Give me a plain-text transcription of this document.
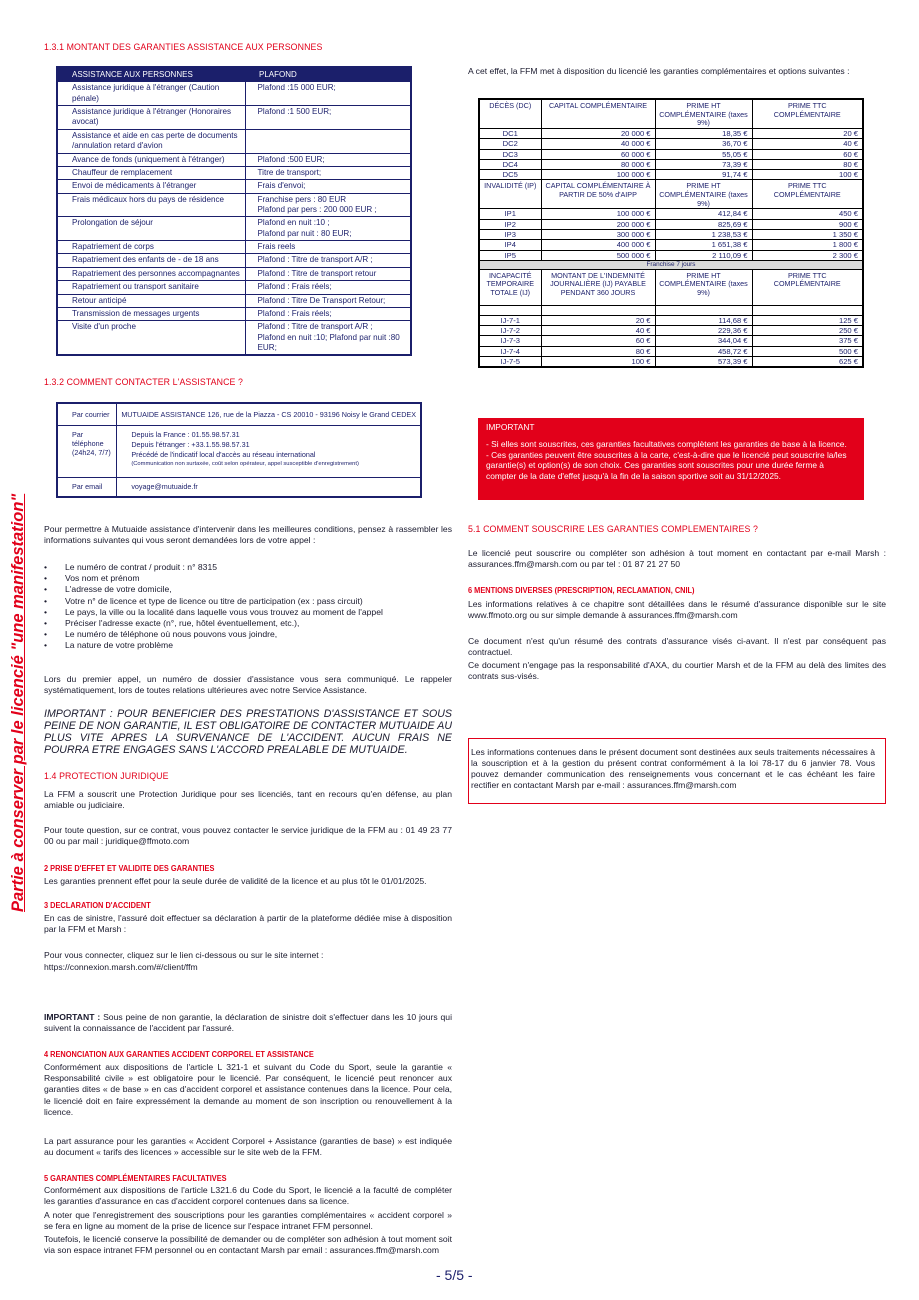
Partie à conserver par le licencié "une manifestation"
1.3.1 MONTANT DES GARANTIES ASSISTANCE AUX PERSONNES
ASSISTANCE AUX PERSONNES	PLAFOND
Assistance juridique à l'étranger (Caution pénale)	Plafond :15 000 EUR;
Assistance juridique à l'étranger (Honoraires avocat)	Plafond :1 500 EUR;
Assistance et aide en cas perte de documents /annulation retard d'avion	
Avance de fonds (uniquement à l'étranger)	Plafond :500 EUR;
Chauffeur de remplacement	Titre de transport;
Envoi de médicaments à l'étranger	Frais d'envoi;
Frais médicaux hors du pays de résidence	Franchise pers : 80 EUR
Plafond par pers : 200 000 EUR ;
Prolongation de séjour	Plafond en nuit :10 ;
Plafond par nuit : 80 EUR;
Rapatriement de corps	Frais reels
Rapatriement des enfants de - de 18 ans	Plafond : Titre de transport A/R ;
Rapatriement des personnes accompagnantes	Plafond : Titre de transport retour
Rapatriement ou transport sanitaire	Plafond : Frais réels;
Retour anticipé	Plafond : Titre De Transport Retour;
Transmission de messages urgents	Plafond : Frais réels;
Visite d'un proche	Plafond : Titre de transport A/R ;
Plafond en nuit :10; Plafond par nuit :80 EUR;
1.3.2 COMMENT CONTACTER L'ASSISTANCE ?
Par courrier	MUTUAIDE ASSISTANCE 126, rue de la Piazza - CS 20010 - 93196 Noisy le Grand CEDEX
Par téléphone (24h24, 7/7)	Depuis la France : 01.55.98.57.31
Depuis l'étranger : +33.1.55.98.57.31
Précédé de l'indicatif local d'accès au réseau international
(Communication non surtaxée, coût selon opérateur, appel susceptible d'enregistrement)

Par email	voyage@mutuaide.fr

Pour permettre à Mutuaide assistance d'intervenir dans les meilleures conditions, pensez à rassembler les informations suivantes qui vous seront demandées lors de votre appel :

• Le numéro de contrat / produit : n° 8315
• Vos nom et prénom
• L'adresse de votre domicile,
• Votre n° de licence et type de licence ou titre de participation (ex : pass circuit)
• Le pays, la ville ou la localité dans laquelle vous vous trouvez au moment de l'appel
• Préciser l'adresse exacte (n°, rue, hôtel éventuellement, etc.),
• Le numéro de téléphone où nous pouvons vous joindre,
• La nature de votre problème

Lors du premier appel, un numéro de dossier d'assistance vous sera communiqué. Le rappeler systématiquement, lors de toutes relations ultérieures avec notre Service Assistance.

IMPORTANT : POUR BENEFICIER DES PRESTATIONS D'ASSISTANCE ET SOUS PEINE DE NON GARANTIE, IL EST OBLIGATOIRE DE CONTACTER MUTUAIDE AU PLUS VITE APRES LA SURVENANCE DE L'ACCIDENT. AUCUN FRAIS NE POURRA ETRE ENGAGES SANS L'ACCORD PREALABLE DE MUTUAIDE.

1.4 PROTECTION JURIDIQUE

La FFM a souscrit une Protection Juridique pour ses licenciés, tant en recours qu'en défense, au plan amiable ou judiciaire.

Pour toute question, sur ce contrat, vous pouvez contacter le service juridique de la FFM au : 01 49 23 77 00 ou par mail : juridique@ffmoto.com

2 PRISE D'EFFET ET VALIDITE DES GARANTIES

Les garanties prennent effet pour la seule durée de validité de la licence et au plus tôt le 01/01/2025.

3 DECLARATION D'ACCIDENT

En cas de sinistre, l'assuré doit effectuer sa déclaration à partir de la plateforme dédiée mise à disposition par la FFM et Marsh :

Pour vous connecter, cliquez sur le lien ci-dessous ou sur le site internet :

https://connexion.marsh.com/#/client/ffm

IMPORTANT : Sous peine de non garantie, la déclaration de sinistre doit s'effectuer dans les 10 jours qui suivent la connaissance de l'accident par l'assuré.

4 RENONCIATION AUX GARANTIES ACCIDENT CORPOREL ET ASSISTANCE

Conformément aux dispositions de l'article L 321-1 et suivant du Code du Sport, seule la garantie « Responsabilité civile » est obligatoire pour le licencié. Par conséquent, le licencié peut renoncer aux garanties dites « de base » en cas d'accident corporel et assistance contenues dans la licence. Pour cela, le licencié doit en faire expressément la demande au moment de son inscription ou renouvellement à la licence.

La part assurance pour les garanties « Accident Corporel + Assistance (garanties de base) » est indiquée au document « tarifs des licences » accessible sur le site web de la FFM.

5 GARANTIES COMPLÉMENTAIRES FACULTATIVES

Conformément aux dispositions de l'article L321.6 du Code du Sport, le licencié a la faculté de compléter les garanties d'assurance en cas d'accident corporel contenues dans sa licence.

A noter que l'enregistrement des souscriptions pour les garanties complémentaires « accident corporel » se fera en ligne au moment de la prise de licence sur l'espace intranet FFM personnel.

Toutefois, le licencié conserve la possibilité de demander ou de compléter son adhésion à tout moment soit via son espace intranet FFM personnel ou en contactant Marsh par email : assurances.ffm@marsh.com

A cet effet, la FFM met à disposition du licencié les garanties complémentaires et options suivantes :

DÉCÈS (DC)	CAPITAL COMPLÉMENTAIRE	PRIME HT COMPLÉMENTAIRE (taxes 9%)	PRIME TTC COMPLÉMENTAIRE
DC1	20 000 €	18,35 €	20 €
DC2	40 000 €	36,70 €	40 €
DC3	60 000 €	55,05 €	60 €
DC4	80 000 €	73,39 €	80 €
DC5	100 000 €	91,74 €	100 €
INVALIDITÉ (IP)	CAPITAL COMPLÉMENTAIRE À PARTIR DE 50% d'AIPP	PRIME HT COMPLÉMENTAIRE (taxes 9%)	PRIME TTC COMPLÉMENTAIRE
IP1	100 000 €	412,84 €	450 €
IP2	200 000 €	825,69 €	900 €
IP3	300 000 €	1 238,53 €	1 350 €
IP4	400 000 €	1 651,38 €	1 800 €
IP5	500 000 €	2 110,09 €	2 300 €
Franchise 7 jours			
INCAPACITÉ TEMPORAIRE TOTALE (IJ)	MONTANT DE L'INDEMNITÉ JOURNALIÈRE (IJ) PAYABLE PENDANT 360 JOURS	PRIME HT COMPLÉMENTAIRE (taxes 9%)	PRIME TTC COMPLÉMENTAIRE

IJ-7-1	20 €	114,68 €	125 €
IJ-7-2	40 €	229,36 €	250 €
IJ-7-3	60 €	344,04 €	375 €
IJ-7-4	80 €	458,72 €	500 €
IJ-7-5	100 €	573,39 €	625 €
IMPORTANT
- Si elles sont souscrites, ces garanties facultatives complètent les garanties de base à la licence.
- Ces garanties peuvent être souscrites à la carte, c'est-à-dire que le licencié peut souscrire la/les garantie(s) et option(s) de son choix. Ces garanties sont souscrites pour une durée ferme à compter de la date d'effet jusqu'à la fin de la saison sportive soit au 31/12/2025.
5.1 COMMENT SOUSCRIRE LES GARANTIES COMPLEMENTAIRES ?

Le licencié peut souscrire ou compléter son adhésion à tout moment en contactant par e-mail Marsh : assurances.ffm@marsh.com ou par tel : 01 87 21 27 50

6 MENTIONS DIVERSES (PRESCRIPTION, RECLAMATION, CNIL)

Les informations relatives à ce chapitre sont détaillées dans le résumé d'assurance disponible sur le site www.ffmoto.org ou sur simple demande à assurances.ffm@marsh.com

Ce document n'est qu'un résumé des contrats d'assurance visés ci-avant. Il n'est par conséquent pas contractuel.

Ce document n'engage pas la responsabilité d'AXA, du courtier Marsh et de la FFM au delà des limites des contrats sus-visés.

Les informations contenues dans le présent document sont destinées aux seuls traitements nécessaires à la souscription et à la gestion du présent contrat conformément à la loi 78-17 du 6 janvier 78. Vous pouvez demander communication des renseignements vous concernant et le cas échéant les faire rectifier en contactant Marsh par e-mail : assurances.ffm@marsh.com

- 5/5 -
